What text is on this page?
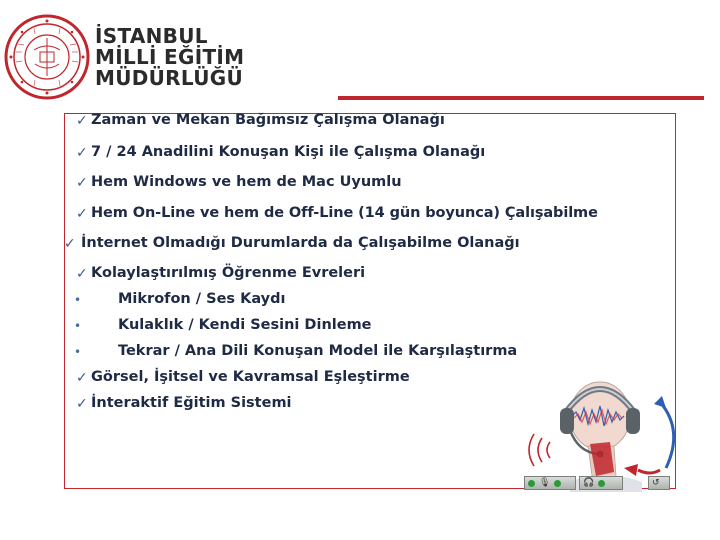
İSTANBUL
MİLLİ EĞİTİM
MÜDÜRLÜĞÜ
✓ Zaman ve Mekan Bağımsız Çalışma Olanağı
✓ 7 / 24 Anadilini Konuşan Kişi ile Çalışma Olanağı
✓ Hem Windows ve hem de Mac Uyumlu
✓ Hem On-Line ve hem de Off-Line (14 gün boyunca) Çalışabilme
✓ İnternet Olmadığı Durumlarda da Çalışabilme Olanağı
✓ Kolaylaştırılmış Öğrenme Evreleri
•	Mikrofon / Ses Kaydı
•	Kulaklık / Kendi Sesini Dinleme
•	Tekrar / Ana Dili Konuşan Model ile Karşılaştırma
✓ Görsel, İşitsel ve Kavramsal Eşleştirme
✓ İnteraktif Eğitim Sistemi
🎙	🎧	↺
